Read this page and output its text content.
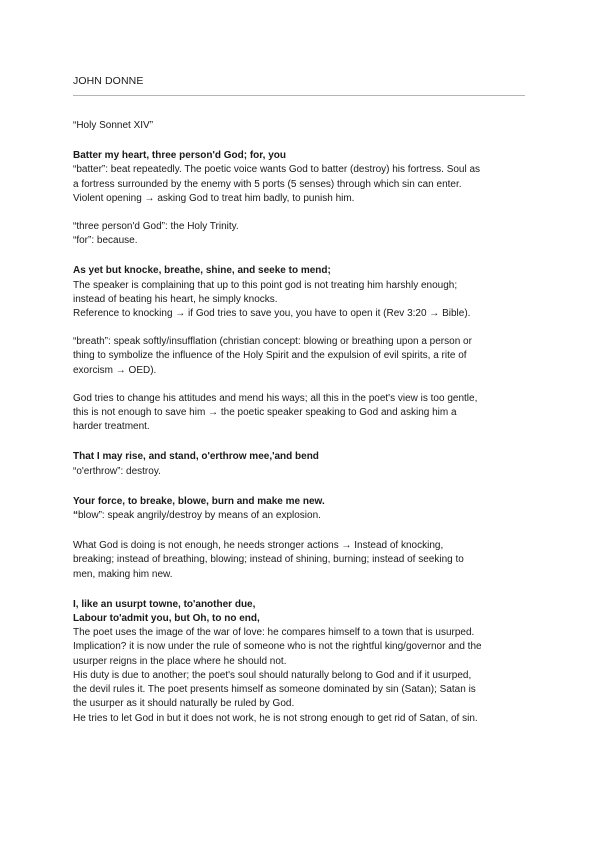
JOHN DONNE

“Holy Sonnet XIV”

Batter my heart, three person'd God; for, you

“batter”: beat repeatedly. The poetic voice wants God to batter (destroy) his fortress. Soul as

a fortress surrounded by the enemy with 5 ports (5 senses) through which sin can enter.

Violent opening → asking God to treat him badly, to punish him.

“three person'd God”: the Holy Trinity.

“for”: because.

As yet but knocke, breathe, shine, and seeke to mend;

The speaker is complaining that up to this point god is not treating him harshly enough;

instead of beating his heart, he simply knocks.

Reference to knocking → if God tries to save you, you have to open it (Rev 3:20 → Bible).

“breath”: speak softly/insufflation (christian concept: blowing or breathing upon a person or

thing to symbolize the influence of the Holy Spirit and the expulsion of evil spirits, a rite of

exorcism → OED).

God tries to change his attitudes and mend his ways; all this in the poet's view is too gentle,

this is not enough to save him → the poetic speaker speaking to God and asking him a

harder treatment.

That I may rise, and stand, o'erthrow mee,'and bend

“o'erthrow”: destroy.

Your force, to breake, blowe, burn and make me new.

“blow”: speak angrily/destroy by means of an explosion.

What God is doing is not enough, he needs stronger actions → Instead of knocking,

breaking; instead of breathing, blowing; instead of shining, burning; instead of seeking to

men, making him new.

I, like an usurpt towne, to'another due,

Labour to'admit you, but Oh, to no end,

The poet uses the image of the war of love: he compares himself to a town that is usurped.

Implication? it is now under the rule of someone who is not the rightful king/governor and the

usurper reigns in the place where he should not.

His duty is due to another; the poet's soul should naturally belong to God and if it usurped,

the devil rules it. The poet presents himself as someone dominated by sin (Satan); Satan is

the usurper as it should naturally be ruled by God.

He tries to let God in but it does not work, he is not strong enough to get rid of Satan, of sin.
